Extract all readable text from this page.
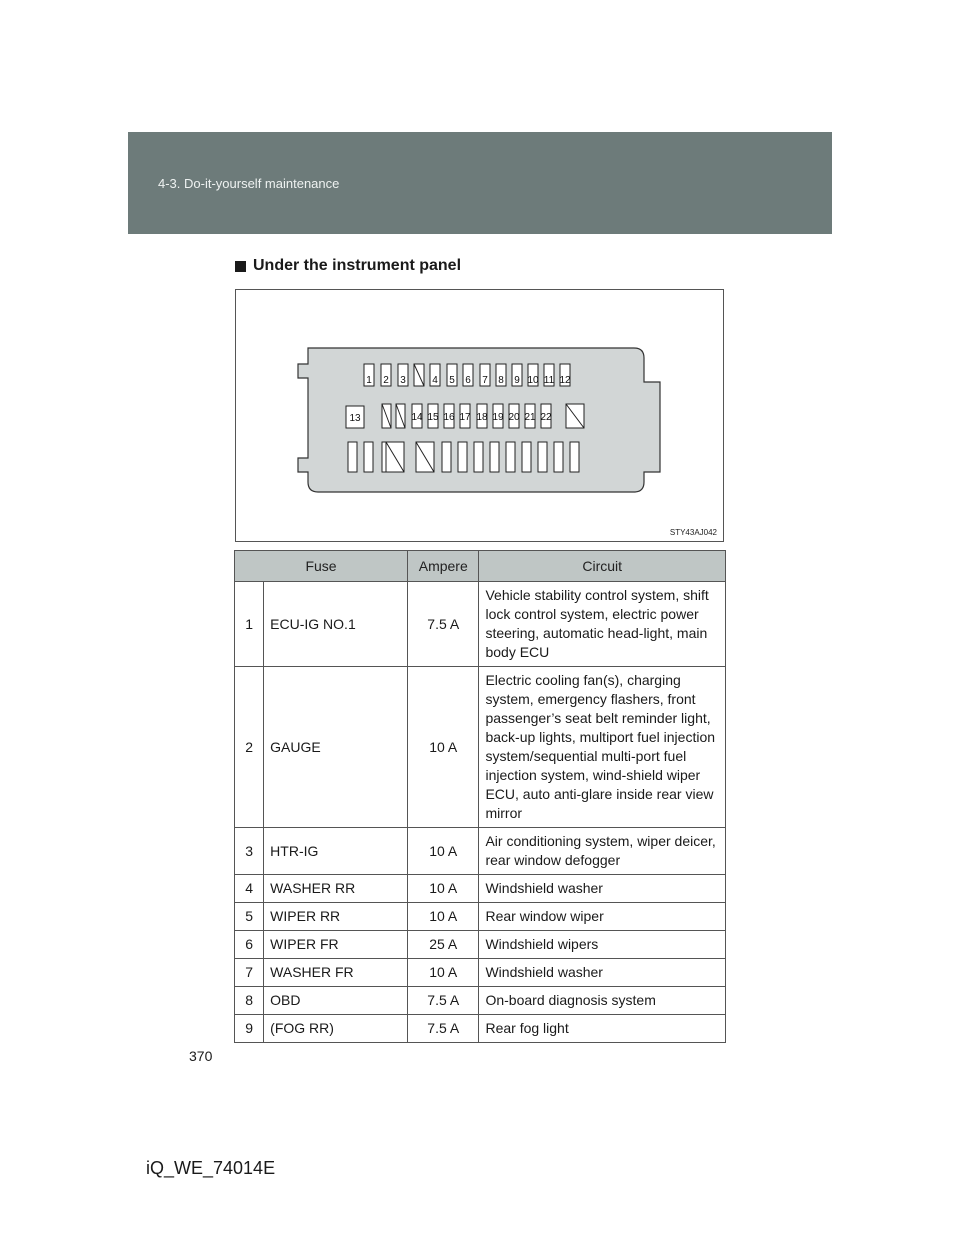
4-3. Do-it-yourself maintenance
Under the instrument panel
1 2 3	4 5 6 7 8 9 10 11 12
13	14 15 16 17 18 19 20 21 22
STY43AJ042
Fuse		Ampere	Circuit
1	ECU-IG NO.1	7.5 A	Vehicle stability control system, shift lock control system, electric power steering, automatic head-light, main body ECU
2	GAUGE	10 A	Electric cooling fan(s), charging system, emergency flashers, front passenger’s seat belt reminder light, back-up lights, multiport fuel injection system/sequential multi-port fuel injection system, wind-shield wiper ECU, auto anti-glare inside rear view mirror
3	HTR-IG	10 A	Air conditioning system, wiper deicer, rear window defogger
4	WASHER RR	10 A	Windshield washer
5	WIPER RR	10 A	Rear window wiper
6	WIPER FR	25 A	Windshield wipers
7	WASHER FR	10 A	Windshield washer
8	OBD	7.5 A	On-board diagnosis system
9	(FOG RR)	7.5 A	Rear fog light
370
iQ_WE_74014E
